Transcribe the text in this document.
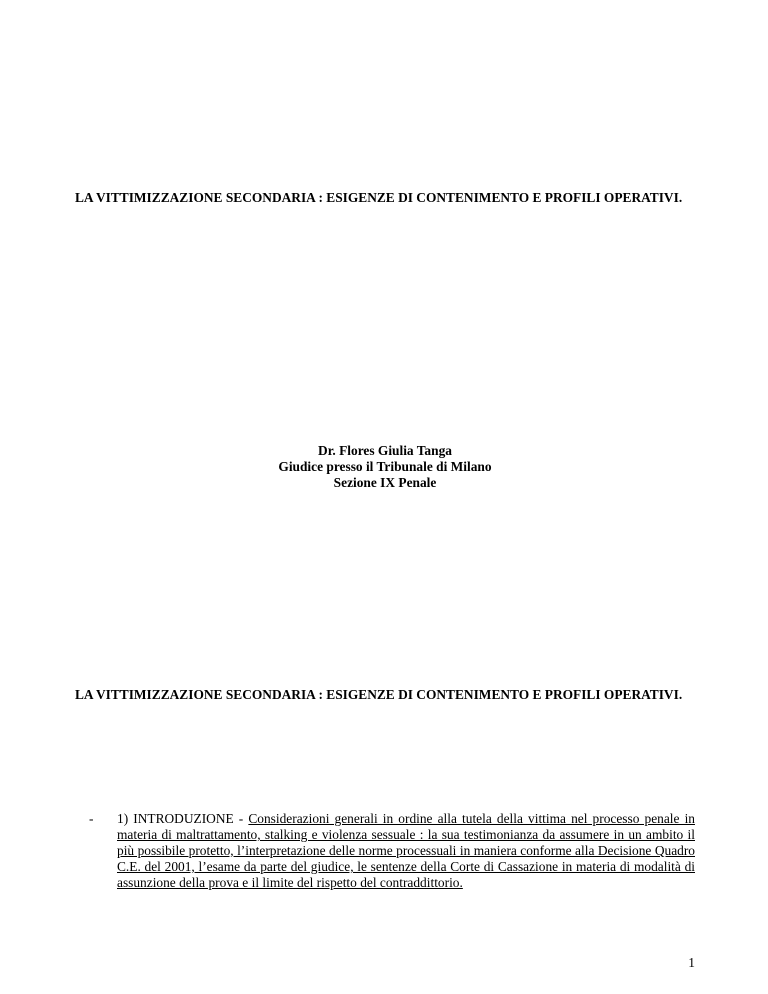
LA VITTIMIZZAZIONE SECONDARIA : ESIGENZE DI CONTENIMENTO E PROFILI OPERATIVI.

Dr. Flores Giulia Tanga
Giudice presso il Tribunale di Milano
Sezione IX Penale

LA VITTIMIZZAZIONE SECONDARIA : ESIGENZE DI CONTENIMENTO E PROFILI OPERATIVI.

- 1) INTRODUZIONE - Considerazioni generali in ordine alla tutela della vittima nel processo penale in materia di maltrattamento, stalking e violenza sessuale : la sua testimonianza da assumere in un ambito il più possibile protetto, l’interpretazione delle norme processuali in maniera conforme alla Decisione Quadro C.E. del 2001, l’esame da parte del giudice, le sentenze della Corte di Cassazione in materia di modalità di assunzione della prova e il limite del rispetto del contraddittorio.

1
